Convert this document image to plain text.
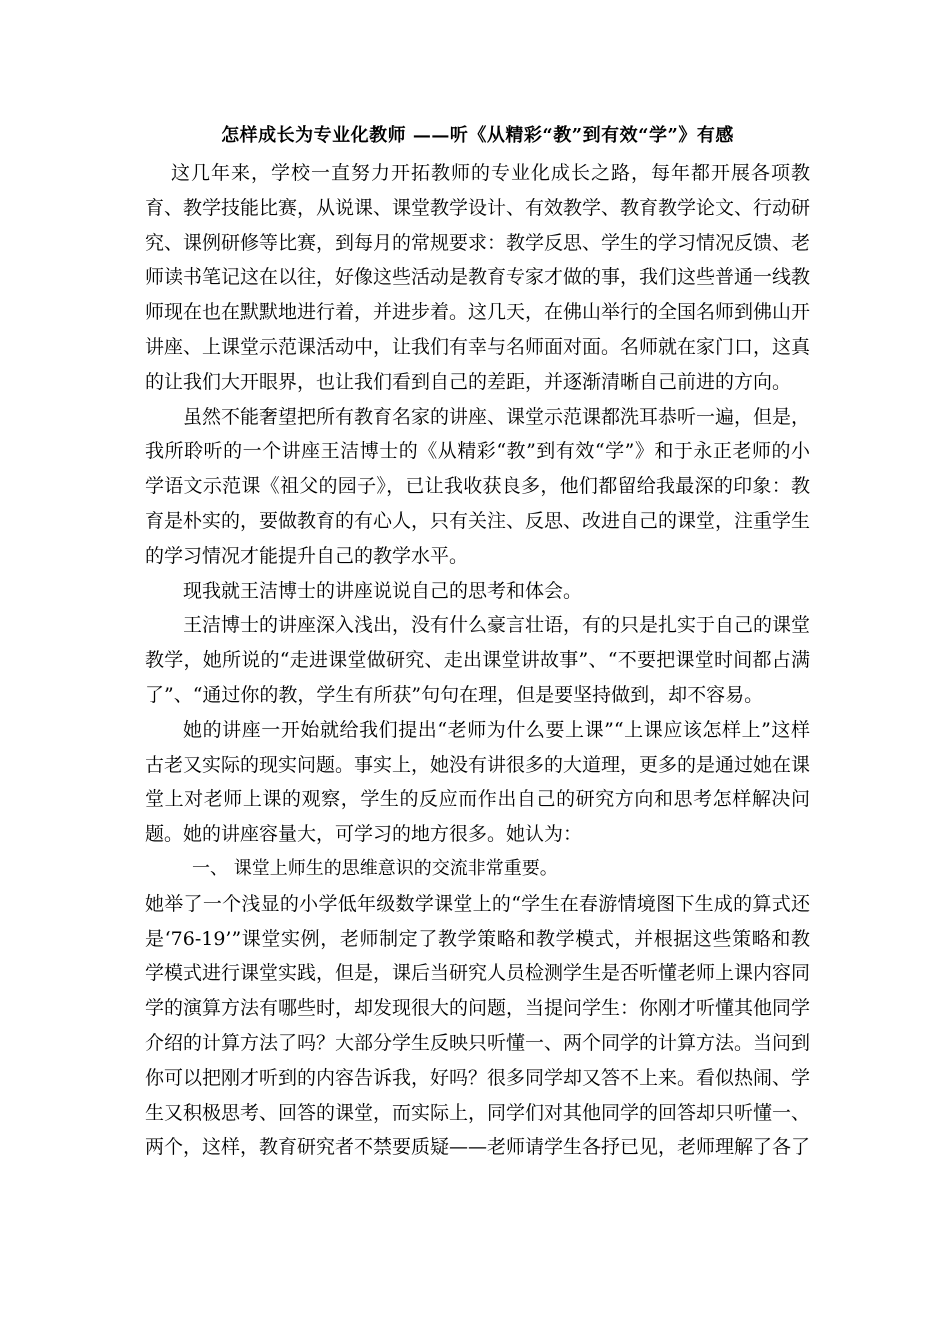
怎样成长为专业化教师 ——听《从精彩“教”到有效“学”》有感

这几年来，学校一直努力开拓教师的专业化成长之路，每年都开展各项教育、教学技能比赛，从说课、课堂教学设计、有效教学、教育教学论文、行动研究、课例研修等比赛，到每月的常规要求：教学反思、学生的学习情况反馈、老师读书笔记这在以往，好像这些活动是教育专家才做的事，我们这些普通一线教师现在也在默默地进行着，并进步着。这几天，在佛山举行的全国名师到佛山开讲座、上课堂示范课活动中，让我们有幸与名师面对面。名师就在家门口，这真的让我们大开眼界，也让我们看到自己的差距，并逐渐清晰自己前进的方向。

虽然不能奢望把所有教育名家的讲座、课堂示范课都洗耳恭听一遍，但是，我所聆听的一个讲座王洁博士的《从精彩“教”到有效“学”》和于永正老师的小学语文示范课《祖父的园子》，已让我收获良多，他们都留给我最深的印象：教育是朴实的，要做教育的有心人，只有关注、反思、改进自己的课堂，注重学生的学习情况才能提升自己的教学水平。

现我就王洁博士的讲座说说自己的思考和体会。

王洁博士的讲座深入浅出，没有什么豪言壮语，有的只是扎实于自己的课堂教学，她所说的“走进课堂做研究、走出课堂讲故事”、“不要把课堂时间都占满了”、“通过你的教，学生有所获”句句在理，但是要坚持做到，却不容易。

她的讲座一开始就给我们提出“老师为什么要上课”“上课应该怎样上”这样古老又实际的现实问题。事实上，她没有讲很多的大道理，更多的是通过她在课堂上对老师上课的观察，学生的反应而作出自己的研究方向和思考怎样解决问题。她的讲座容量大，可学习的地方很多。她认为：

一、 课堂上师生的思维意识的交流非常重要。

她举了一个浅显的小学低年级数学课堂上的“学生在春游情境图下生成的算式还是‘76-19’”课堂实例，老师制定了教学策略和教学模式，并根据这些策略和教学模式进行课堂实践，但是，课后当研究人员检测学生是否听懂老师上课内容同学的演算方法有哪些时，却发现很大的问题，当提问学生：你刚才听懂其他同学介绍的计算方法了吗？大部分学生反映只听懂一、两个同学的计算方法。当问到你可以把刚才听到的内容告诉我，好吗？很多同学却又答不上来。看似热闹、学生又积极思考、回答的课堂，而实际上，同学们对其他同学的回答却只听懂一、两个，这样，教育研究者不禁要质疑——老师请学生各抒已见，老师理解了各了
